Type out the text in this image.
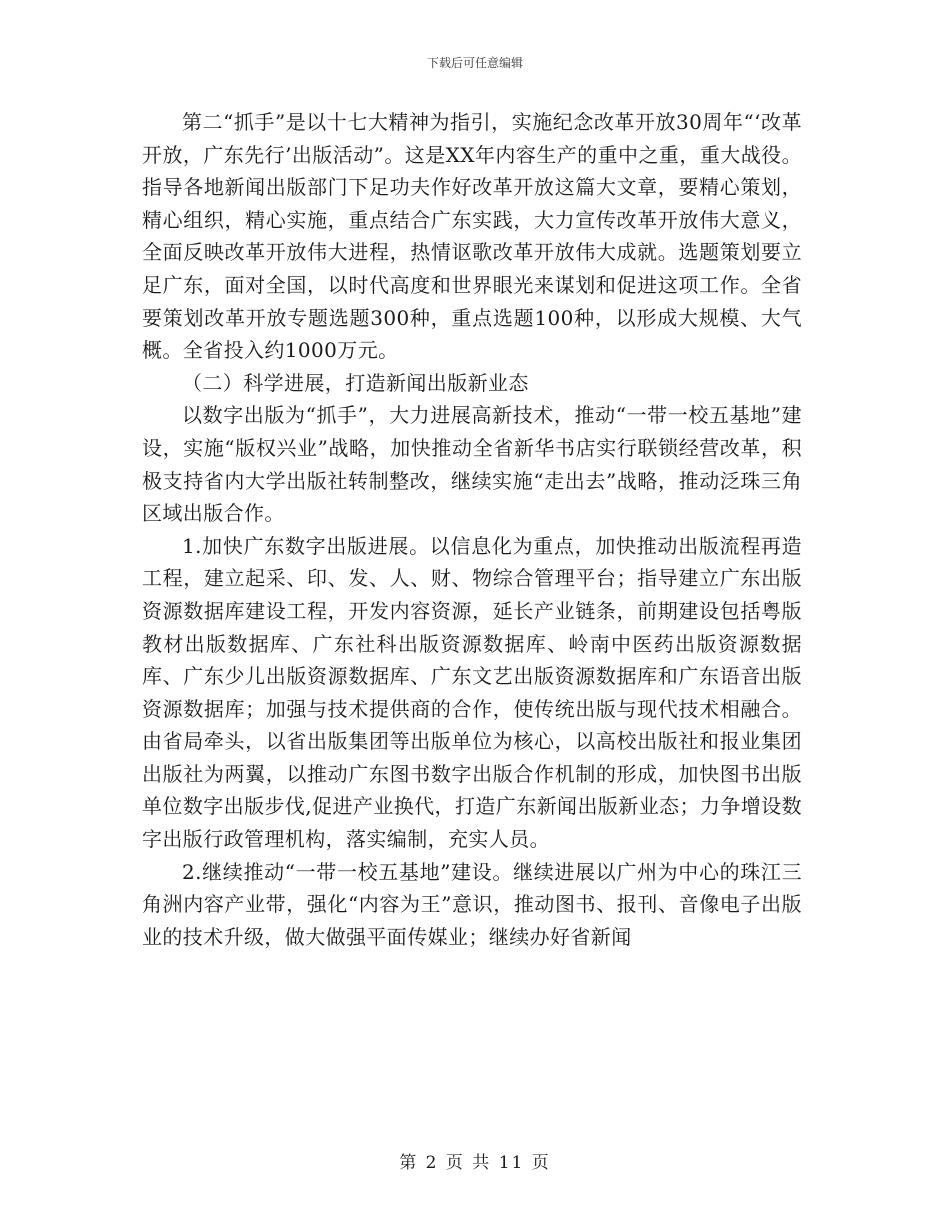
下载后可任意编辑

第二“抓手”是以十七大精神为指引，实施纪念改革开放30周年“‘改革开放，广东先行’出版活动”。这是XX年内容生产的重中之重，重大战役。指导各地新闻出版部门下足功夫作好改革开放这篇大文章，要精心策划，精心组织，精心实施，重点结合广东实践，大力宣传改革开放伟大意义，全面反映改革开放伟大进程，热情讴歌改革开放伟大成就。选题策划要立足广东，面对全国，以时代高度和世界眼光来谋划和促进这项工作。全省要策划改革开放专题选题300种，重点选题100种，以形成大规模、大气概。全省投入约1000万元。

（二）科学进展，打造新闻出版新业态

以数字出版为“抓手”，大力进展高新技术，推动“一带一校五基地”建设，实施“版权兴业”战略，加快推动全省新华书店实行联锁经营改革，积极支持省内大学出版社转制整改，继续实施“走出去”战略，推动泛珠三角区域出版合作。

1.加快广东数字出版进展。以信息化为重点，加快推动出版流程再造工程，建立起采、印、发、人、财、物综合管理平台；指导建立广东出版资源数据库建设工程，开发内容资源，延长产业链条，前期建设包括粤版教材出版数据库、广东社科出版资源数据库、岭南中医药出版资源数据库、广东少儿出版资源数据库、广东文艺出版资源数据库和广东语音出版资源数据库；加强与技术提供商的合作，使传统出版与现代技术相融合。由省局牵头，以省出版集团等出版单位为核心，以高校出版社和报业集团出版社为两翼，以推动广东图书数字出版合作机制的形成，加快图书出版单位数字出版步伐,促进产业换代，打造广东新闻出版新业态；力争增设数字出版行政管理机构，落实编制，充实人员。

2.继续推动“一带一校五基地”建设。继续进展以广州为中心的珠江三角洲内容产业带，强化“内容为王”意识，推动图书、报刊、音像电子出版业的技术升级，做大做强平面传媒业；继续办好省新闻

第 2 页 共 11 页
